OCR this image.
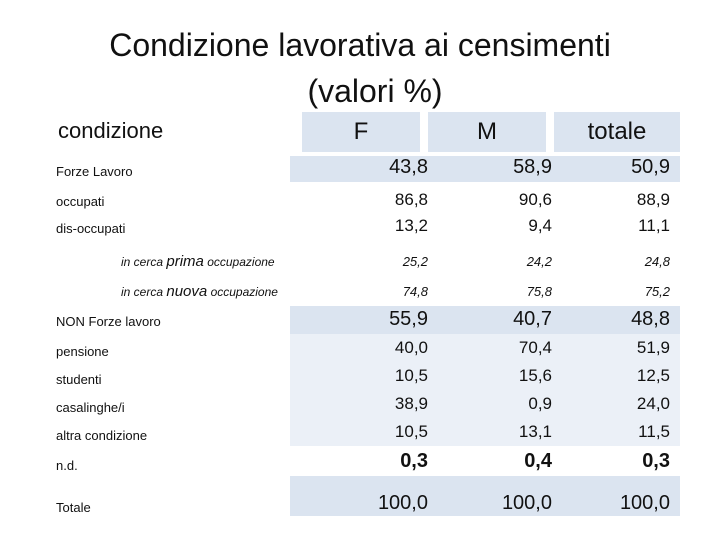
Condizione lavorativa ai censimenti
(valori %)
condizione	F	M	totale
Forze Lavoro	43,8	58,9	50,9
occupati	86,8	90,6	88,9
dis-occupati	13,2	9,4	11,1
in cerca prima occupazione	25,2	24,2	24,8
in cerca nuova occupazione	74,8	75,8	75,2
NON Forze lavoro	55,9	40,7	48,8
pensione	40,0	70,4	51,9
studenti	10,5	15,6	12,5
casalinghe/i	38,9	0,9	24,0
altra condizione	10,5	13,1	11,5
n.d.	0,3	0,4	0,3
Totale	100,0	100,0	100,0
